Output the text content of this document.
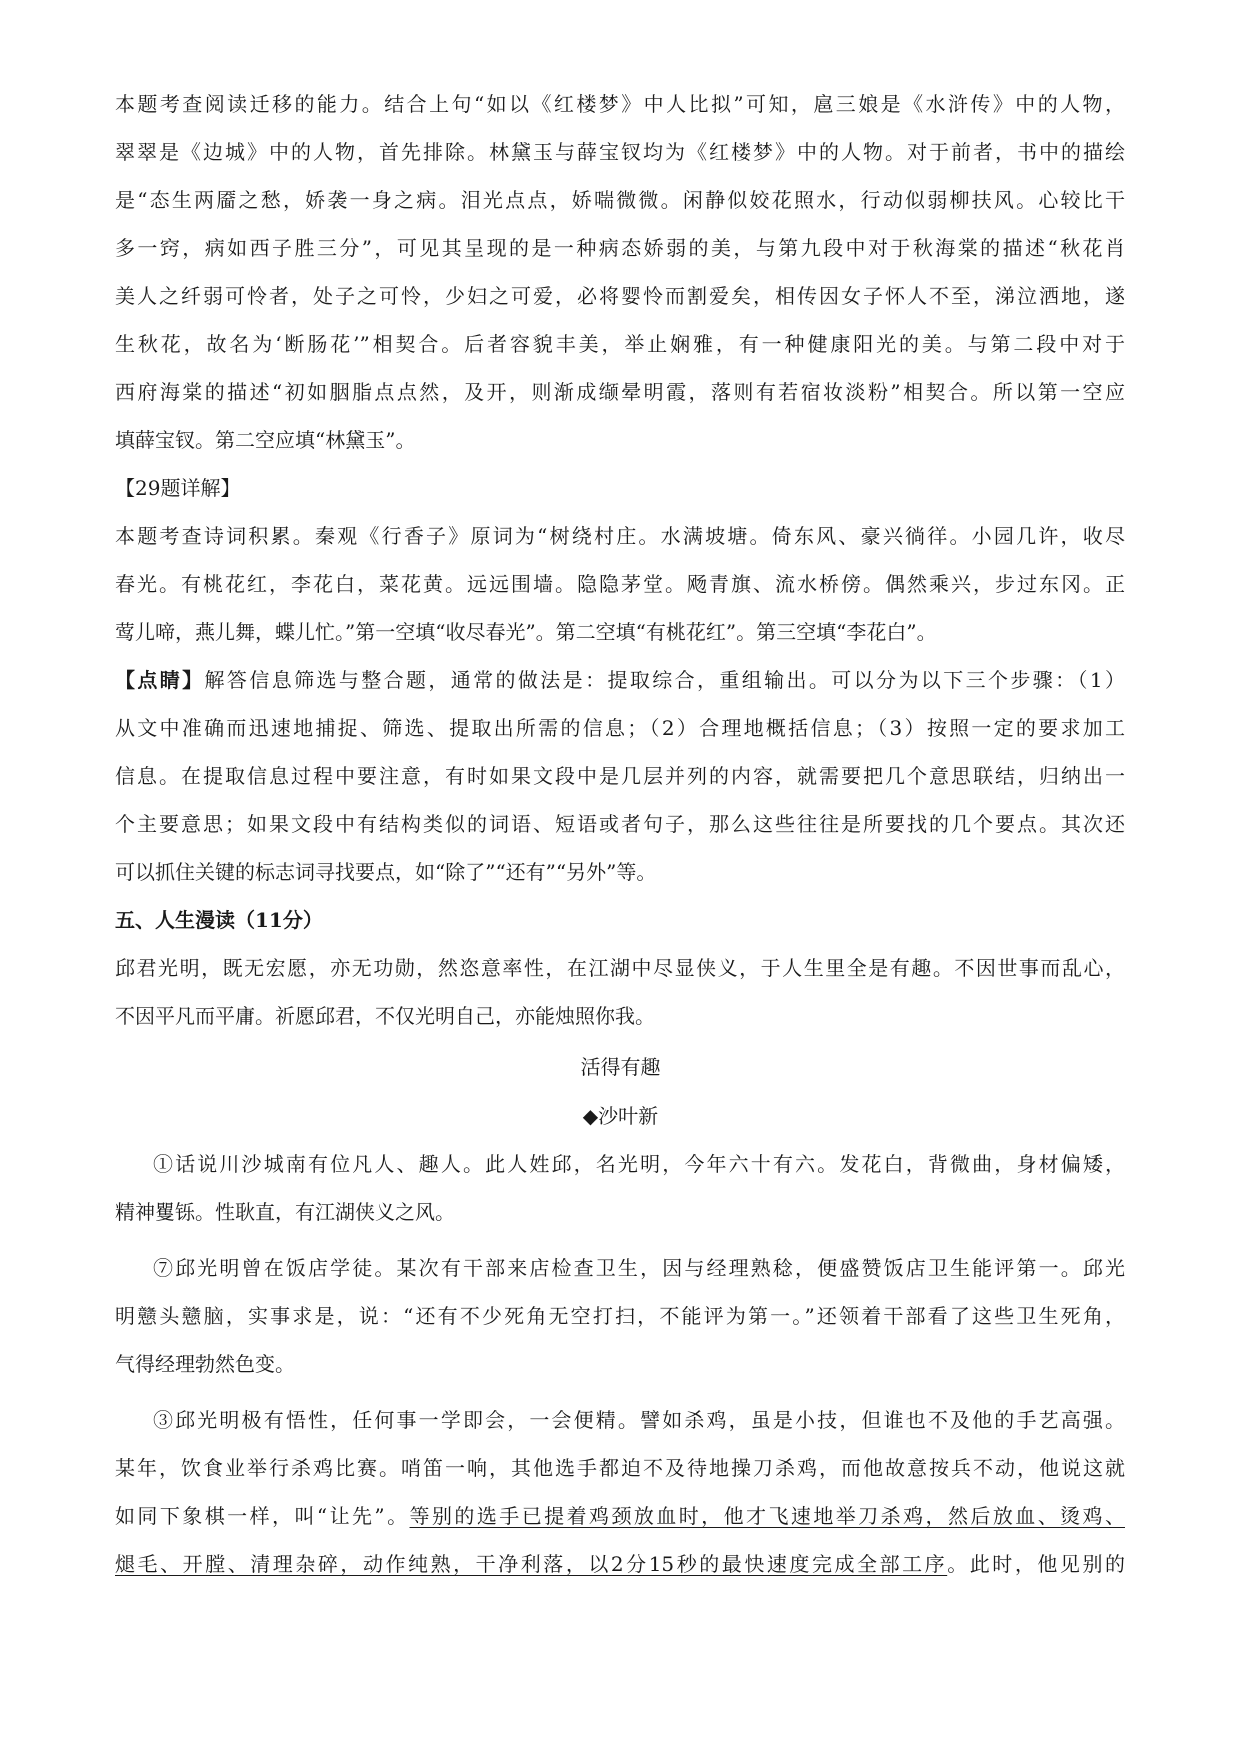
本题考查阅读迁移的能力。结合上句“如以《红楼梦》中人比拟”可知，扈三娘是《水浒传》中的人物，
翠翠是《边城》中的人物，首先排除。林黛玉与薛宝钗均为《红楼梦》中的人物。对于前者，书中的描绘
是“态生两靥之愁，娇袭一身之病。泪光点点，娇喘微微。闲静似姣花照水，行动似弱柳扶风。心较比干
多一窍，病如西子胜三分”，可见其呈现的是一种病态娇弱的美，与第九段中对于秋海棠的描述“秋花肖
美人之纤弱可怜者，处子之可怜，少妇之可爱，必将婴怜而割爱矣，相传因女子怀人不至，涕泣洒地，遂
生秋花，故名为‘断肠花’”相契合。后者容貌丰美，举止娴雅，有一种健康阳光的美。与第二段中对于
西府海棠的描述“初如胭脂点点然，及开，则渐成缬晕明霞，落则有若宿妆淡粉”相契合。所以第一空应
填薛宝钗。第二空应填“林黛玉”。
【29题详解】
本题考查诗词积累。秦观《行香子》原词为“树绕村庄。水满坡塘。倚东风、豪兴徜徉。小园几许，收尽
春光。有桃花红，李花白，菜花黄。远远围墙。隐隐茅堂。飏青旗、流水桥傍。偶然乘兴，步过东冈。正
莺儿啼，燕儿舞，蝶儿忙。”第一空填“收尽春光”。第二空填“有桃花红”。第三空填“李花白”。
【点睛】解答信息筛选与整合题，通常的做法是：提取综合，重组输出。可以分为以下三个步骤：（1）
从文中准确而迅速地捕捉、筛选、提取出所需的信息；（2）合理地概括信息；（3）按照一定的要求加工
信息。在提取信息过程中要注意，有时如果文段中是几层并列的内容，就需要把几个意思联结，归纳出一
个主要意思；如果文段中有结构类似的词语、短语或者句子，那么这些往往是所要找的几个要点。其次还
可以抓住关键的标志词寻找要点，如“除了”“还有”“另外”等。
五、人生漫读（11分）
邱君光明，既无宏愿，亦无功勋，然恣意率性，在江湖中尽显侠义，于人生里全是有趣。不因世事而乱心，
不因平凡而平庸。祈愿邱君，不仅光明自己，亦能烛照你我。
活得有趣
◆沙叶新
①话说川沙城南有位凡人、趣人。此人姓邱，名光明，今年六十有六。发花白，背微曲，身材偏矮，
精神矍铄。性耿直，有江湖侠义之风。
⑦邱光明曾在饭店学徒。某次有干部来店检查卫生，因与经理熟稔，便盛赞饭店卫生能评第一。邱光
明戆头戆脑，实事求是，说：“还有不少死角无空打扫，不能评为第一。”还领着干部看了这些卫生死角，
气得经理勃然色变。
③邱光明极有悟性，任何事一学即会，一会便精。譬如杀鸡，虽是小技，但谁也不及他的手艺高强。
某年，饮食业举行杀鸡比赛。哨笛一响，其他选手都迫不及待地操刀杀鸡，而他故意按兵不动，他说这就
如同下象棋一样，叫“让先”。等别的选手已提着鸡颈放血时，他才飞速地举刀杀鸡，然后放血、烫鸡、
煺毛、开膛、清理杂碎，动作纯熟，干净利落，以2分15秒的最快速度完成全部工序。此时，他见别的
